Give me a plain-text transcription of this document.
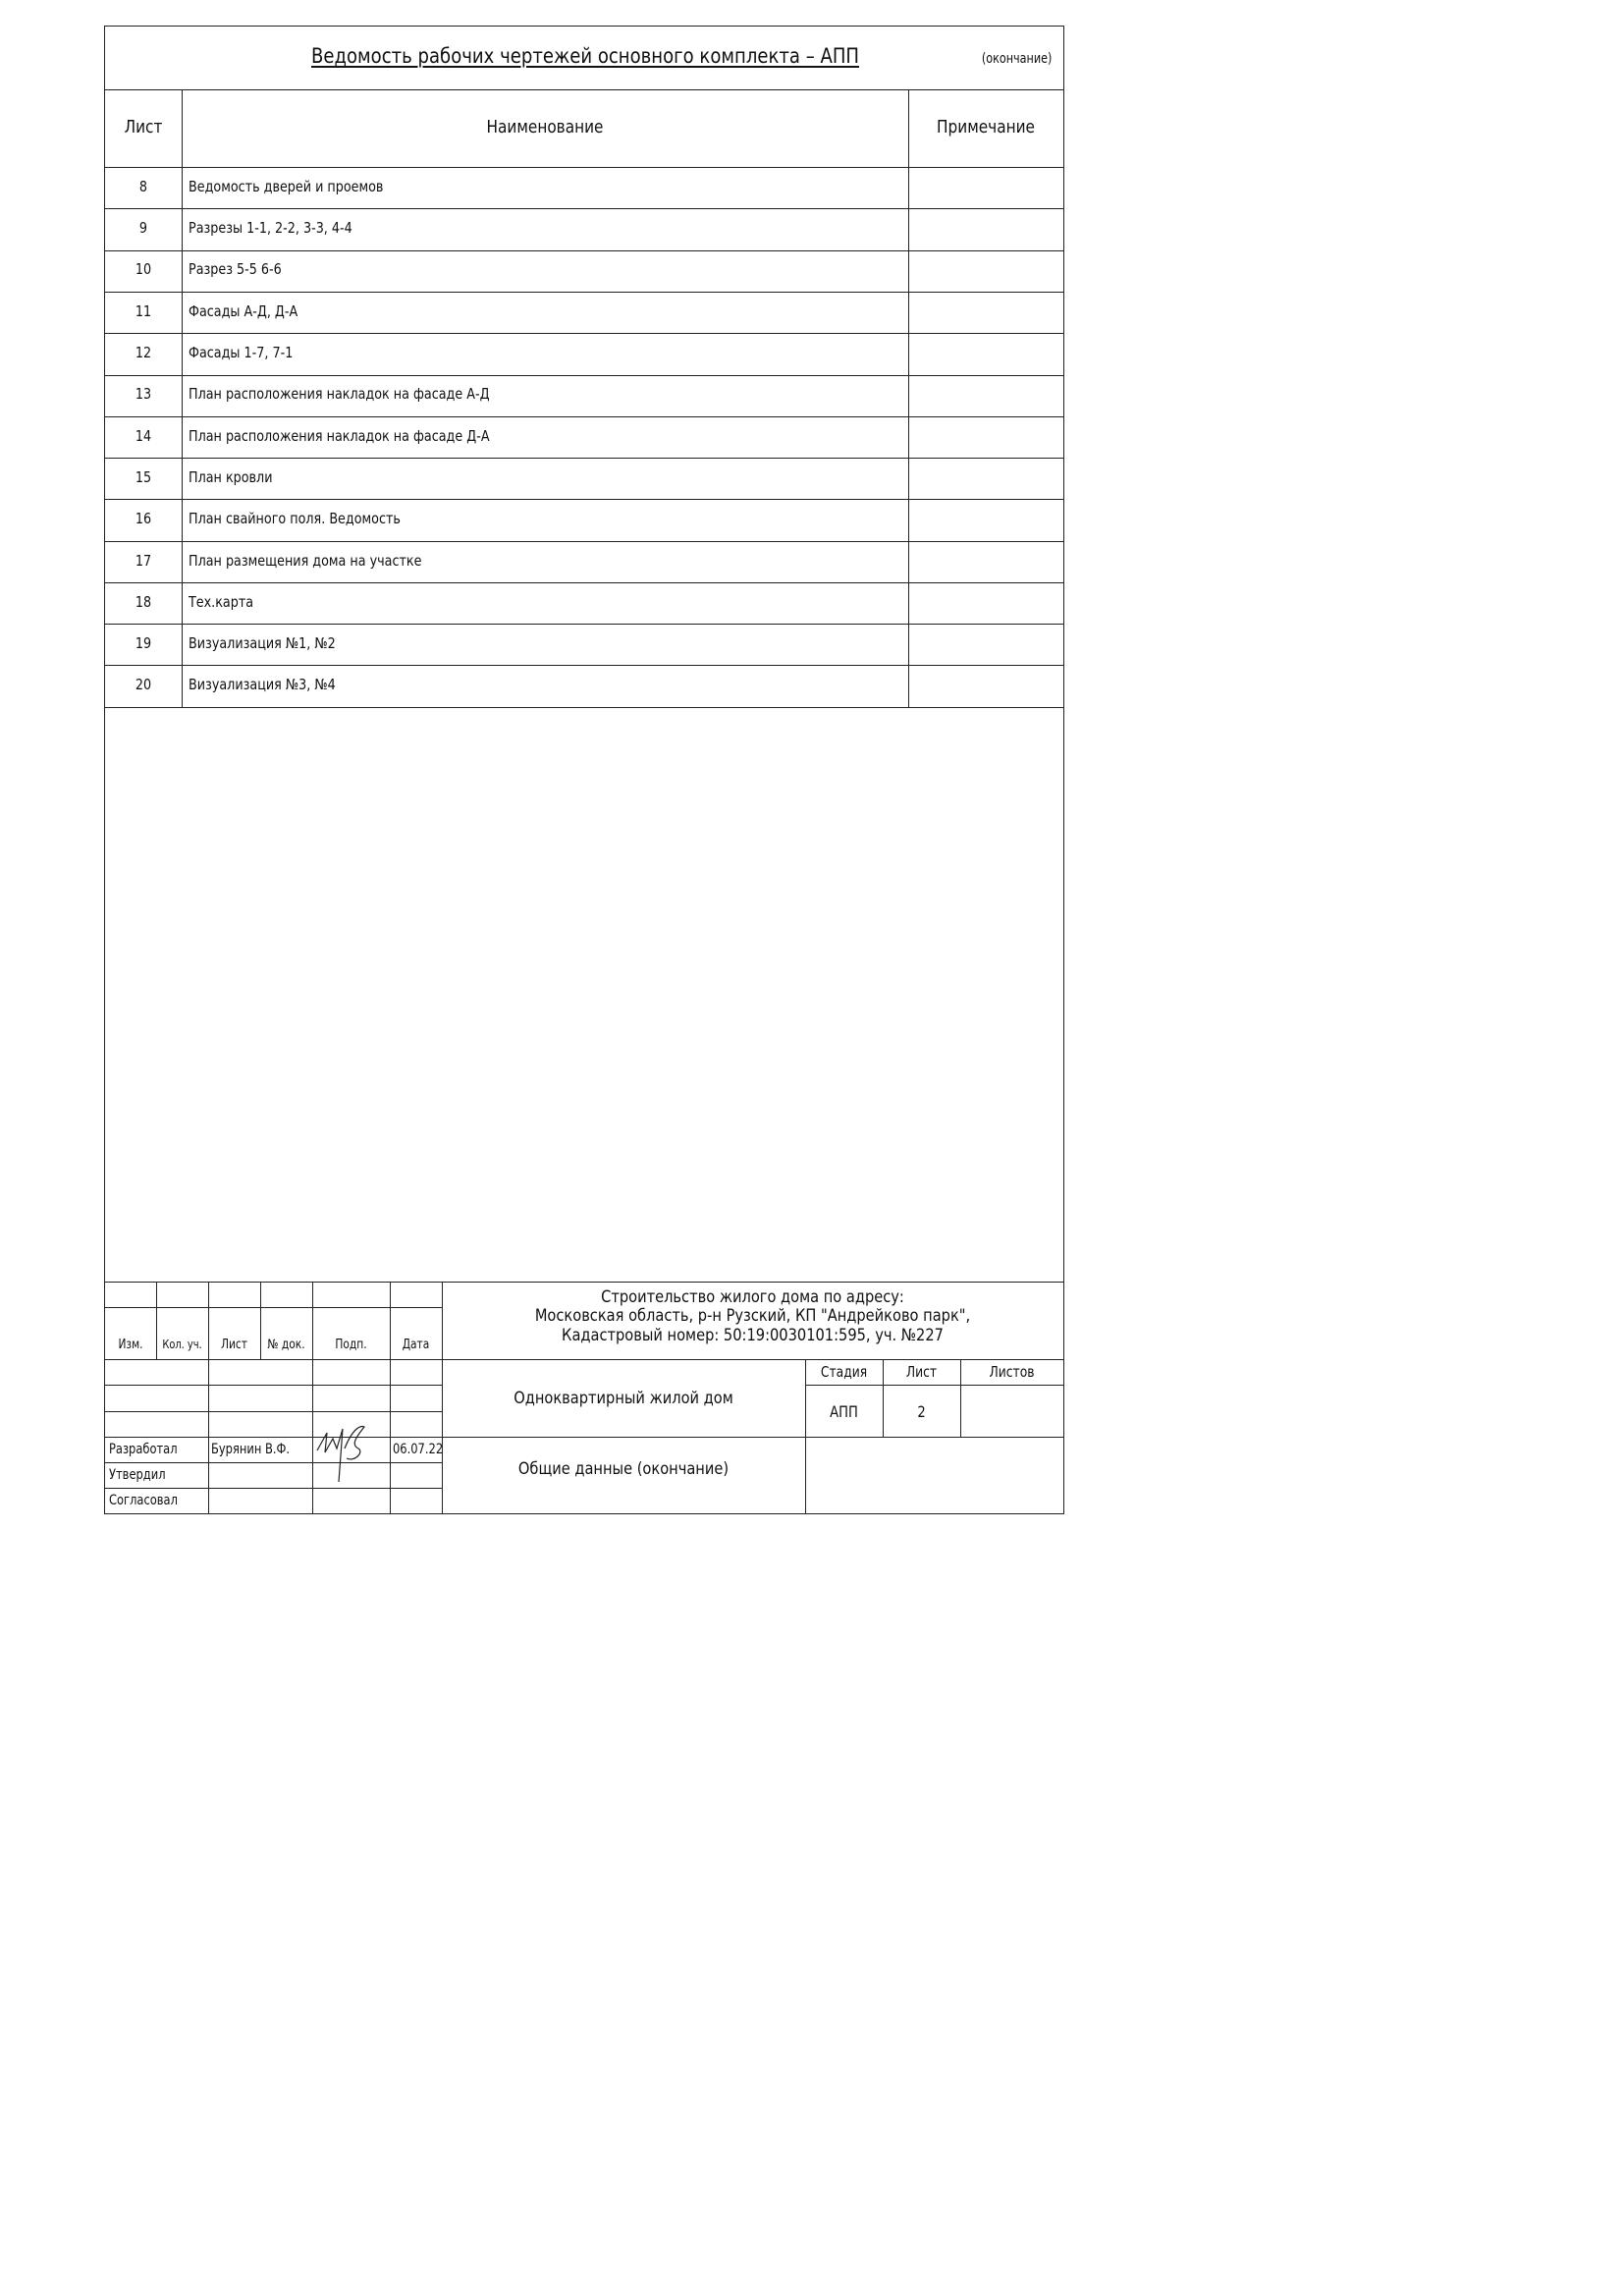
Ведомость рабочих чертежей основного комплекта – АПП	(окончание)
Лист	Наименование	Примечание
8	Ведомость дверей и проемов
9	Разрезы 1-1, 2-2, 3-3, 4-4
10	Разрез 5-5 6-6
11	Фасады А-Д, Д-А
12	Фасады 1-7, 7-1
13	План расположения накладок на фасаде А-Д
14	План расположения накладок на фасаде Д-А
15	План кровли
16	План свайного поля. Ведомость
17	План размещения дома на участке
18	Тех.карта
19	Визуализация №1, №2
20	Визуализация №3, №4
Изм.	Кол. уч.	Лист	№ док.	Подп.	Дата
Строительство жилого дома по адресу:
Московская область, р-н Рузский, КП "Андрейково парк",
Кадастровый номер: 50:19:0030101:595, уч. №227
Одноквартирный жилой дом
Общие данные (окончание)
Стадия	Лист	Листов
АПП	2
Разработал Бурянин В.Ф.	06.07.22
Утвердил
Согласовал
